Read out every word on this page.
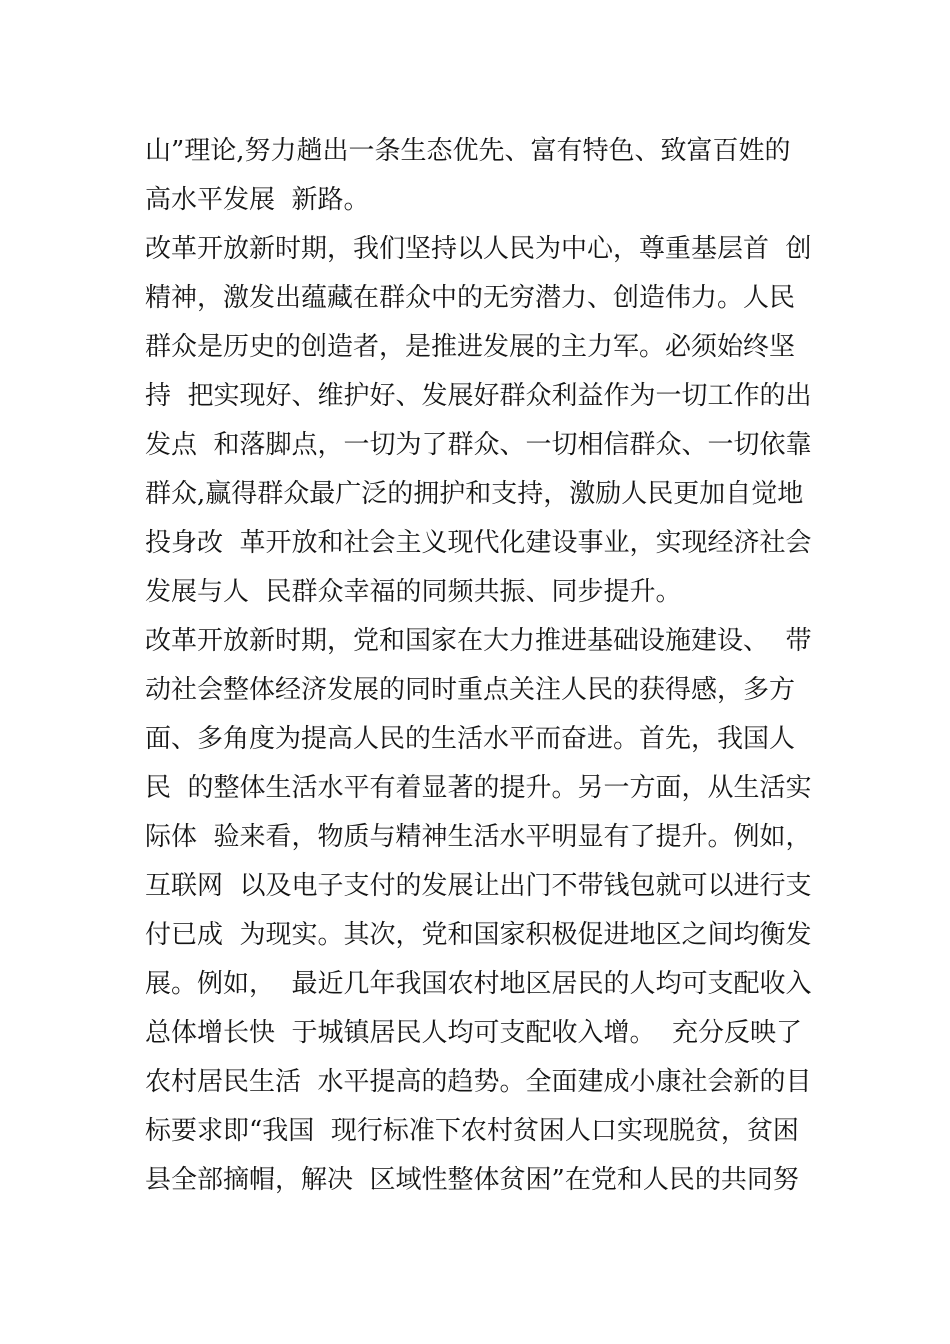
山”理论,努力趟出一条生态优先、富有特色、致富百姓的
高水平发展  新路。
改革开放新时期，我们坚持以人民为中心，尊重基层首  创
精神，激发出蕴藏在群众中的无穷潜力、创造伟力。人民
群众是历史的创造者，是推进发展的主力军。必须始终坚
持  把实现好、维护好、发展好群众利益作为一切工作的出
发点  和落脚点，一切为了群众、一切相信群众、一切依靠
群众,赢得群众最广泛的拥护和支持，激励人民更加自觉地
投身改  革开放和社会主义现代化建设事业，实现经济社会
发展与人  民群众幸福的同频共振、同步提升。
改革开放新时期，党和国家在大力推进基础设施建设、  带
动社会整体经济发展的同时重点关注人民的获得感，多方
面、多角度为提高人民的生活水平而奋进。首先，我国人
民  的整体生活水平有着显著的提升。另一方面，从生活实
际体  验来看，物质与精神生活水平明显有了提升。例如，
互联网  以及电子支付的发展让出门不带钱包就可以进行支
付已成  为现实。其次，党和国家积极促进地区之间均衡发
展。例如，  最近几年我国农村地区居民的人均可支配收入
总体增长快  于城镇居民人均可支配收入增。  充分反映了
农村居民生活  水平提高的趋势。全面建成小康社会新的目
标要求即“我国  现行标准下农村贫困人口实现脱贫，贫困
县全部摘帽，解决  区域性整体贫困”在党和人民的共同努
